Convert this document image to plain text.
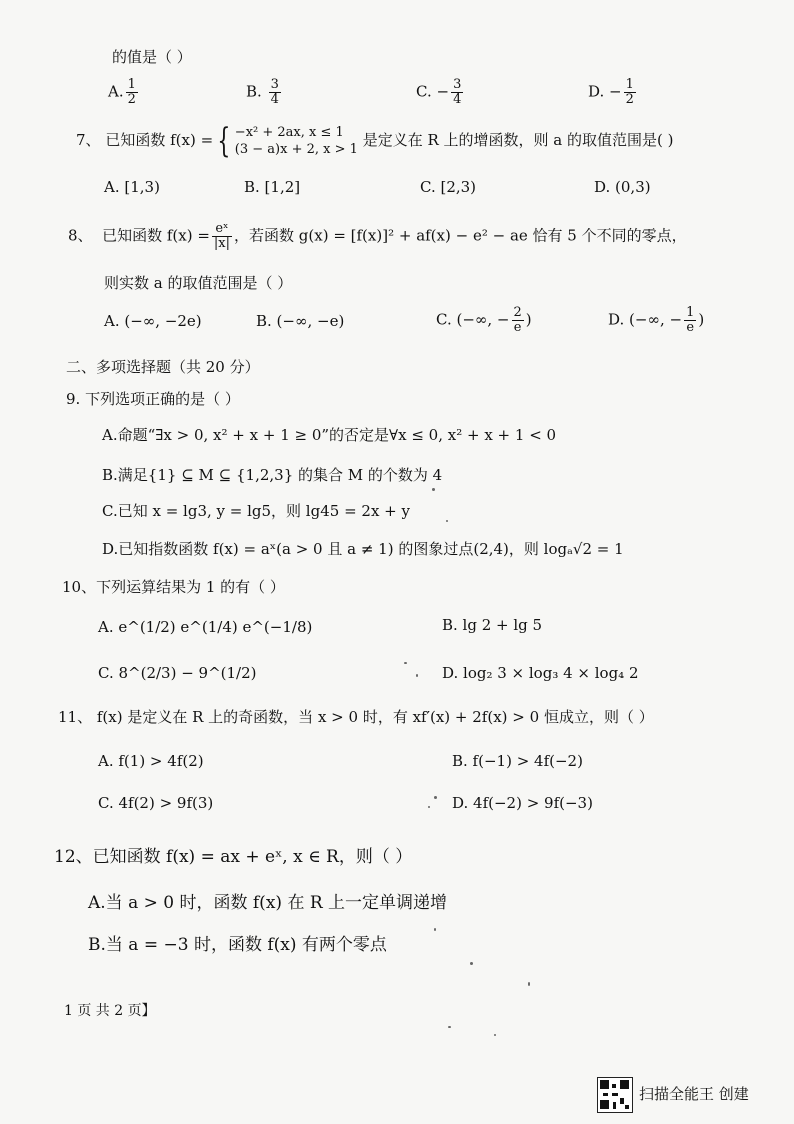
的值是（ ）
A. $\frac{1}{2}$	B. $\frac{3}{4}$	C. − $\frac{3}{4}$	D. − $\frac{1}{2}$
7、 已知函数 f(x) = { −x² + 2ax, x ≤ 1
(3 − a)x + 2, x > 1
是定义在 R 上的增函数，则 a 的取值范围是( )
A. [1,3)	B. [1,2]	C. [2,3)	D. (0,3)
8、 已知函数 $f(x) = \frac{\text{eˣ}}{|x|}$ ，若函数 g(x) = [f(x)]² + af(x) − e² − ae 恰有 5 个不同的零点，
则实数 a 的取值范围是（ ）
A. (−∞, −2e)	B. (−∞, −e)	C. (−∞, − $\frac{2}{e}$ )	D. (−∞, − $\frac{1}{e}$ )
二、多项选择题（共 20 分）
9. 下列选项正确的是（ ）
A.命题“∃x > 0, x² + x + 1 ≥ 0”的否定是∀x ≤ 0, x² + x + 1 < 0
B.满足{1} ⊆ M ⊆ {1,2,3} 的集合 M 的个数为 4
C.已知 x = lg3, y = lg5，则 lg45 = 2x + y
D.已知指数函数 f(x) = aˣ(a > 0 且 a ≠ 1) 的图象过点(2,4)，则 logₐ√2 = 1
10、下列运算结果为 1 的有（ ）
A. e^(1/2) e^(1/4) e^(−1/8)	B. lg 2 + lg 5
C. 8^(2/3) − 9^(1/2)	D. log₂ 3 × log₃ 4 × log₄ 2
11、 f(x) 是定义在 R 上的奇函数，当 x > 0 时，有 xf′(x) + 2f(x) > 0 恒成立，则（ ）
A. f(1) > 4f(2)	B. f(−1) > 4f(−2)
C. 4f(2) > 9f(3)	D. 4f(−2) > 9f(−3)
12、已知函数 f(x) = ax + eˣ, x ∈ R，则（ ）
A.当 a > 0 时，函数 f(x) 在 R 上一定单调递增
B.当 a = −3 时，函数 f(x) 有两个零点
1 页 共 2 页】
扫描全能王 创建
